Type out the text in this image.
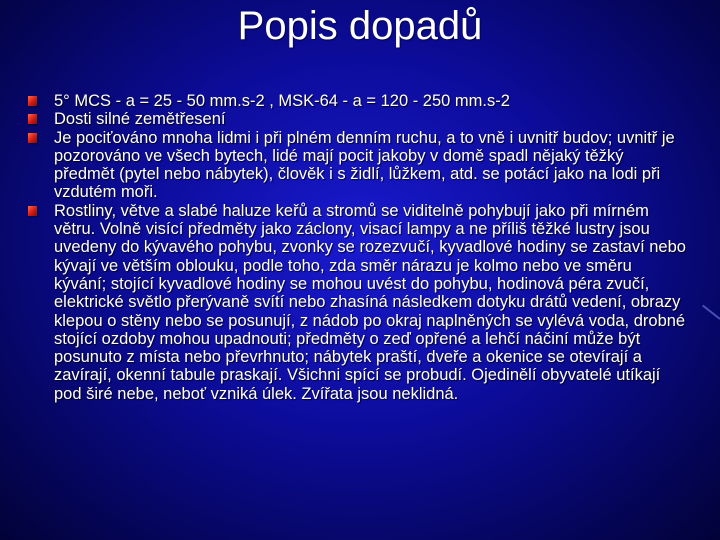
Popis dopadů
5° MCS - a = 25 - 50 mm.s-2 , MSK-64 - a = 120 - 250 mm.s-2
Dosti silné zemětřesení
Je pociťováno mnoha lidmi i při plném denním ruchu, a to vně i uvnitř budov; uvnitř je pozorováno ve všech bytech, lidé mají pocit jakoby v domě spadl nějaký těžký předmět (pytel nebo nábytek), člověk i s židlí, lůžkem, atd. se potácí jako na lodi při vzdutém moři.
Rostliny, větve a slabé haluze keřů a stromů se viditelně pohybují jako při mírném větru. Volně visící předměty jako záclony, visací lampy a ne příliš těžké lustry jsou uvedeny do kývavého pohybu, zvonky se rozezvučí, kyvadlové hodiny se zastaví nebo kývají ve větším oblouku, podle toho, zda směr nárazu je kolmo nebo ve směru kývání; stojící kyvadlové hodiny se mohou uvést do pohybu, hodinová péra zvučí, elektrické světlo přerývaně svítí nebo zhasíná následkem dotyku drátů vedení, obrazy klepou o stěny nebo se posunují, z nádob po okraj naplněných se vylévá voda, drobné stojící ozdoby mohou upadnouti; předměty o zeď opřené a lehčí náčiní může být posunuto z místa nebo převrhnuto; nábytek praští, dveře a okenice se otevírají a zavírají, okenní tabule praskají. Všichni spící se probudí. Ojedinělí obyvatelé utíkají pod širé nebe, neboť vzniká úlek. Zvířata jsou neklidná.
